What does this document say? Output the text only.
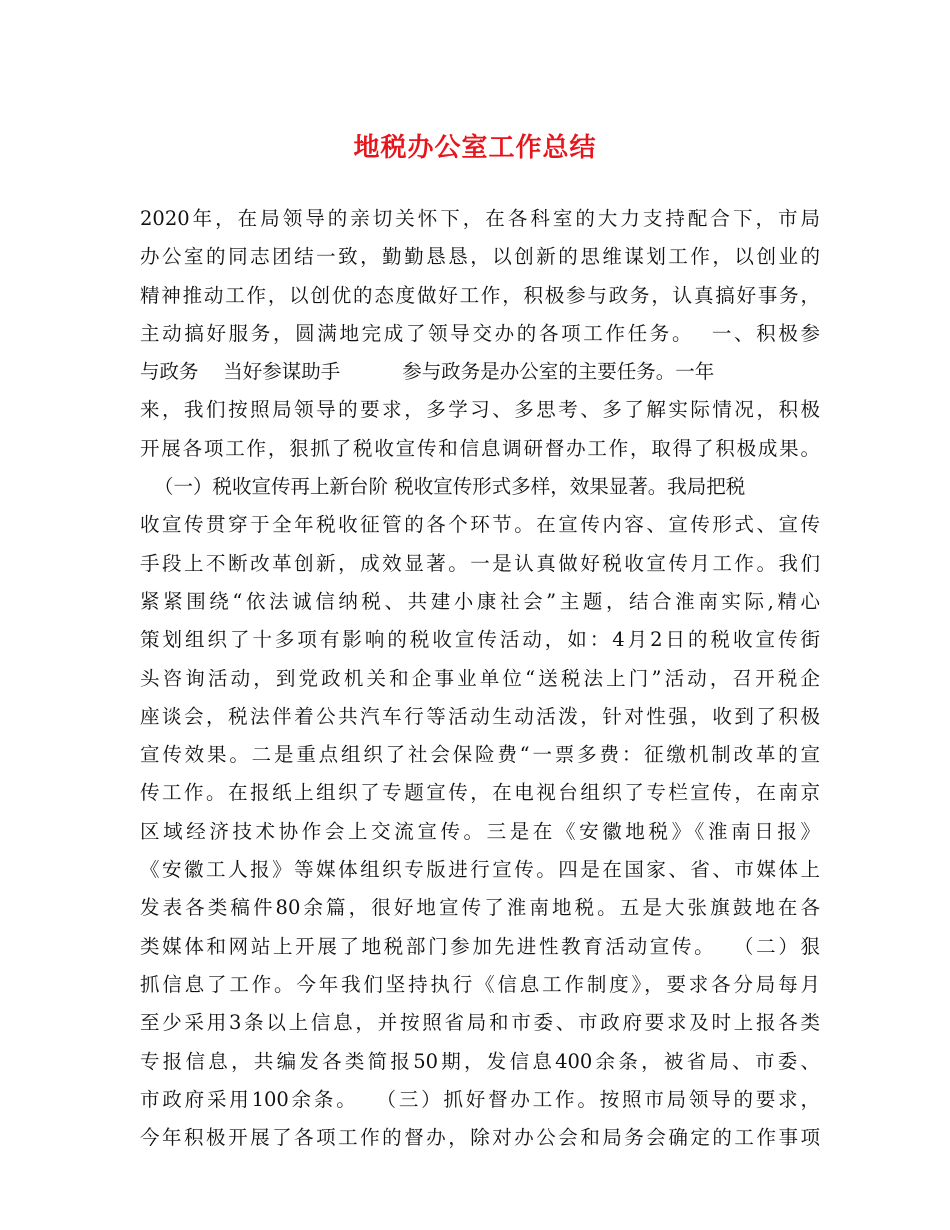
地税办公室工作总结
2020年，在局领导的亲切关怀下，在各科室的大力支持配合下，市局
办公室的同志团结一致，勤勤恳恳，以创新的思维谋划工作，以创业的
精神推动工作，以创优的态度做好工作，积极参与政务，认真搞好事务，
主动搞好服务，圆满地完成了领导交办的各项工作任务。  一、积极参
与政务    当好参谋助手          参与政务是办公室的主要任务。一年
来，我们按照局领导的要求，多学习、多思考、多了解实际情况，积极
开展各项工作，狠抓了税收宣传和信息调研督办工作，取得了积极成果。
（一）税收宣传再上新台阶 税收宣传形式多样，效果显著。我局把税
收宣传贯穿于全年税收征管的各个环节。在宣传内容、宣传形式、宣传
手段上不断改革创新，成效显著。一是认真做好税收宣传月工作。我们
紧紧围绕“依法诚信纳税、共建小康社会”主题，结合淮南实际,精心
策划组织了十多项有影响的税收宣传活动，如：4月2日的税收宣传街
头咨询活动，到党政机关和企事业单位“送税法上门”活动，召开税企
座谈会，税法伴着公共汽车行等活动生动活泼，针对性强，收到了积极
宣传效果。二是重点组织了社会保险费“一票多费：征缴机制改革的宣
传工作。在报纸上组织了专题宣传，在电视台组织了专栏宣传，在南京
区域经济技术协作会上交流宣传。三是在《安徽地税》《淮南日报》
《安徽工人报》等媒体组织专版进行宣传。四是在国家、省、市媒体上
发表各类稿件80余篇，很好地宣传了淮南地税。五是大张旗鼓地在各
类媒体和网站上开展了地税部门参加先进性教育活动宣传。  （二）狠
抓信息了工作。今年我们坚持执行《信息工作制度》，要求各分局每月
至少采用3条以上信息，并按照省局和市委、市政府要求及时上报各类
专报信息，共编发各类简报50期，发信息400余条，被省局、市委、
市政府采用100余条。  （三）抓好督办工作。按照市局领导的要求，
今年积极开展了各项工作的督办，除对办公会和局务会确定的工作事项
